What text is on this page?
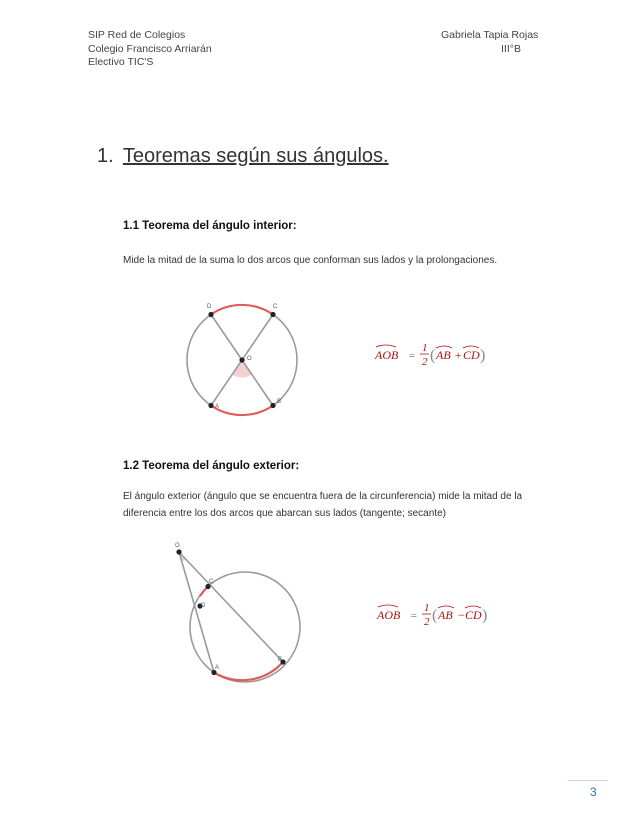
SIP Red de Colegios
Colegio Francisco Arriarán
Electivo TIC'S
Gabriela Tapia Rojas
III°B
1. Teoremas según sus ángulos.
1.1 Teorema del ángulo interior:
Mide la mitad de la suma lo dos arcos que conforman sus lados y la prolongaciones.
D	C
O
A
B
AOB =
1
2 ( AB + CD )
1.2 Teorema del ángulo exterior:
El ángulo exterior (ángulo que se encuentra fuera de la circunferencia) mide la mitad de la diferencia entre los dos arcos que abarcan sus lados (tangente; secante)
O
C
D
A
B
AOB =
1
2 ( AB − CD )
3
